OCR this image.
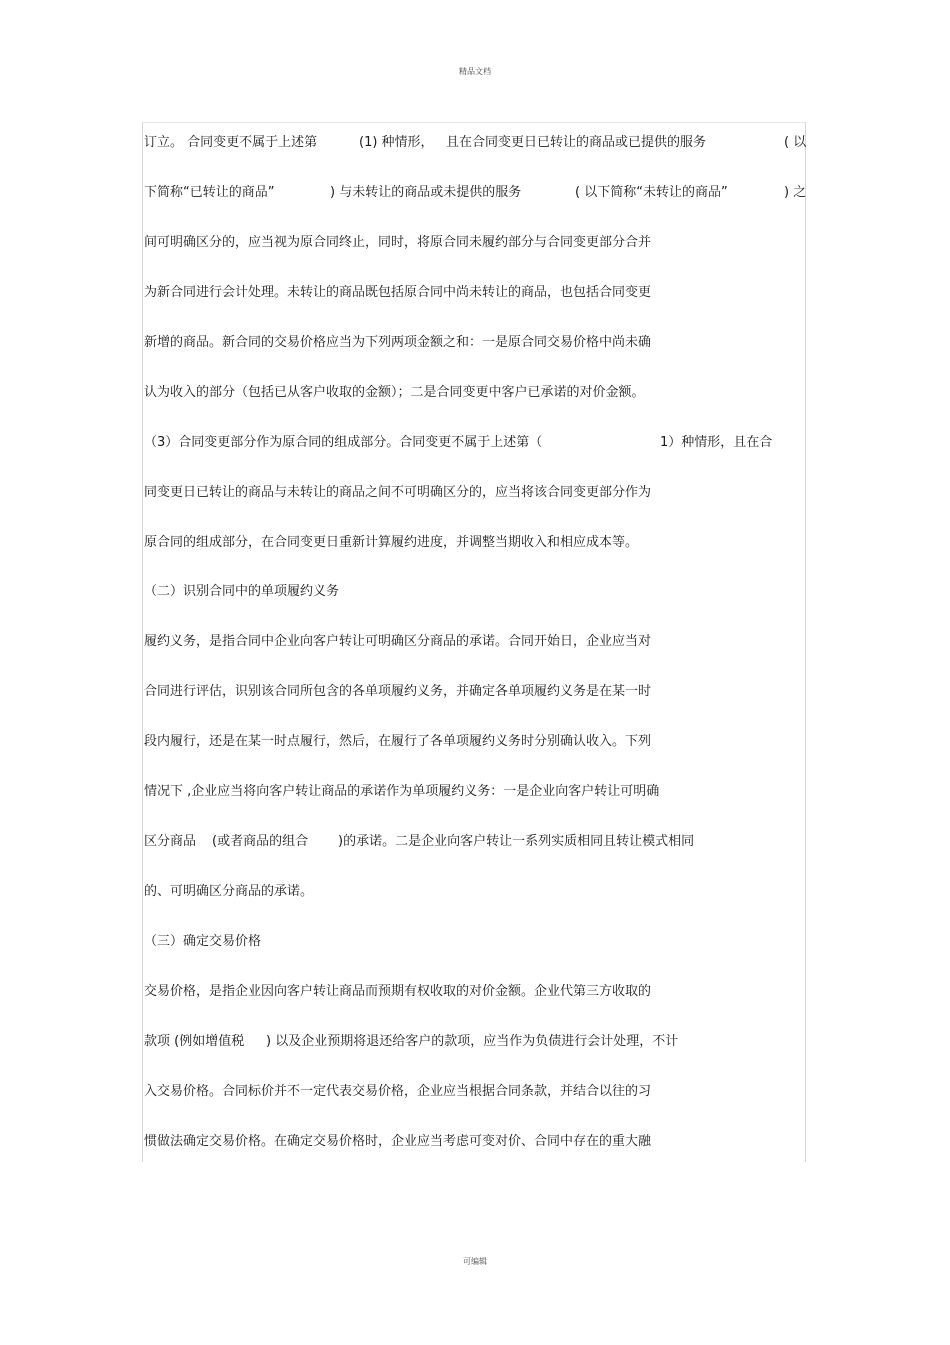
精品文档
订立。 合同变更不属于上述第	(1) 种情形， 且在合同变更日已转让的商品或已提供的服务	( 以
下简称“已转让的商品”	) 与未转让的商品或未提供的服务	( 以下简称“未转让的商品”	) 之
间可明确区分的，应当视为原合同终止，同时，将原合同未履约部分与合同变更部分合并
为新合同进行会计处理。未转让的商品既包括原合同中尚未转让的商品，也包括合同变更
新增的商品。新合同的交易价格应当为下列两项金额之和：一是原合同交易价格中尚未确
认为收入的部分（包括已从客户收取的金额）；二是合同变更中客户已承诺的对价金额。
（3）合同变更部分作为原合同的组成部分。合同变更不属于上述第（	1）种情形，且在合
同变更日已转让的商品与未转让的商品之间不可明确区分的，应当将该合同变更部分作为
原合同的组成部分，在合同变更日重新计算履约进度，并调整当期收入和相应成本等。
（二）识别合同中的单项履约义务
履约义务，是指合同中企业向客户转让可明确区分商品的承诺。合同开始日，企业应当对
合同进行评估，识别该合同所包含的各单项履约义务，并确定各单项履约义务是在某一时
段内履行，还是在某一时点履行，然后，在履行了各单项履约义务时分别确认收入。下列
情况下 ,企业应当将向客户转让商品的承诺作为单项履约义务：一是企业向客户转让可明确
区分商品 (或者商品的组合 )的承诺。二是企业向客户转让一系列实质相同且转让模式相同
的、可明确区分商品的承诺。
（三）确定交易价格
交易价格，是指企业因向客户转让商品而预期有权收取的对价金额。企业代第三方收取的
款项 (例如增值税 ) 以及企业预期将退还给客户的款项，应当作为负债进行会计处理，不计
入交易价格。合同标价并不一定代表交易价格，企业应当根据合同条款，并结合以往的习
惯做法确定交易价格。在确定交易价格时，企业应当考虑可变对价、合同中存在的重大融
可编辑
